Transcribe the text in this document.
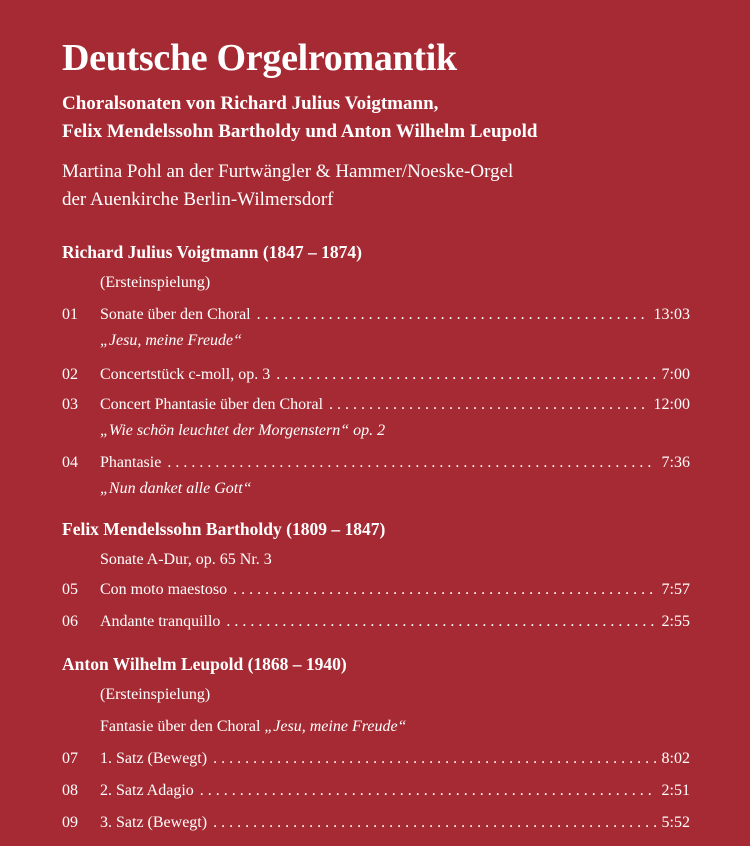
Deutsche Orgelromantik
Choralsonaten von Richard Julius Voigtmann,
Felix Mendelssohn Bartholdy und Anton Wilhelm Leupold
Martina Pohl an der Furtwängler & Hammer/Noeske-Orgel
der Auenkirche Berlin-Wilmersdorf
Richard Julius Voigtmann (1847 – 1874)
(Ersteinspielung)
01	Sonate über den Choral . . .	13:03
„Jesu, meine Freude“
02	Concertstück c-moll, op. 3 . . .	7:00
03	Concert Phantasie über den Choral . . .	12:00
„Wie schön leuchtet der Morgenstern“ op. 2
04	Phantasie . . .	7:36
„Nun danket alle Gott“
Felix Mendelssohn Bartholdy (1809 – 1847)
Sonate A-Dur, op. 65 Nr. 3
05	Con moto maestoso . . .	7:57
06	Andante tranquillo . . .	2:55
Anton Wilhelm Leupold (1868 – 1940)
(Ersteinspielung)
Fantasie über den Choral „Jesu, meine Freude“
07	1. Satz (Bewegt) . . .	8:02
08	2. Satz Adagio . . .	2:51
09	3. Satz (Bewegt) . . .	5:52
